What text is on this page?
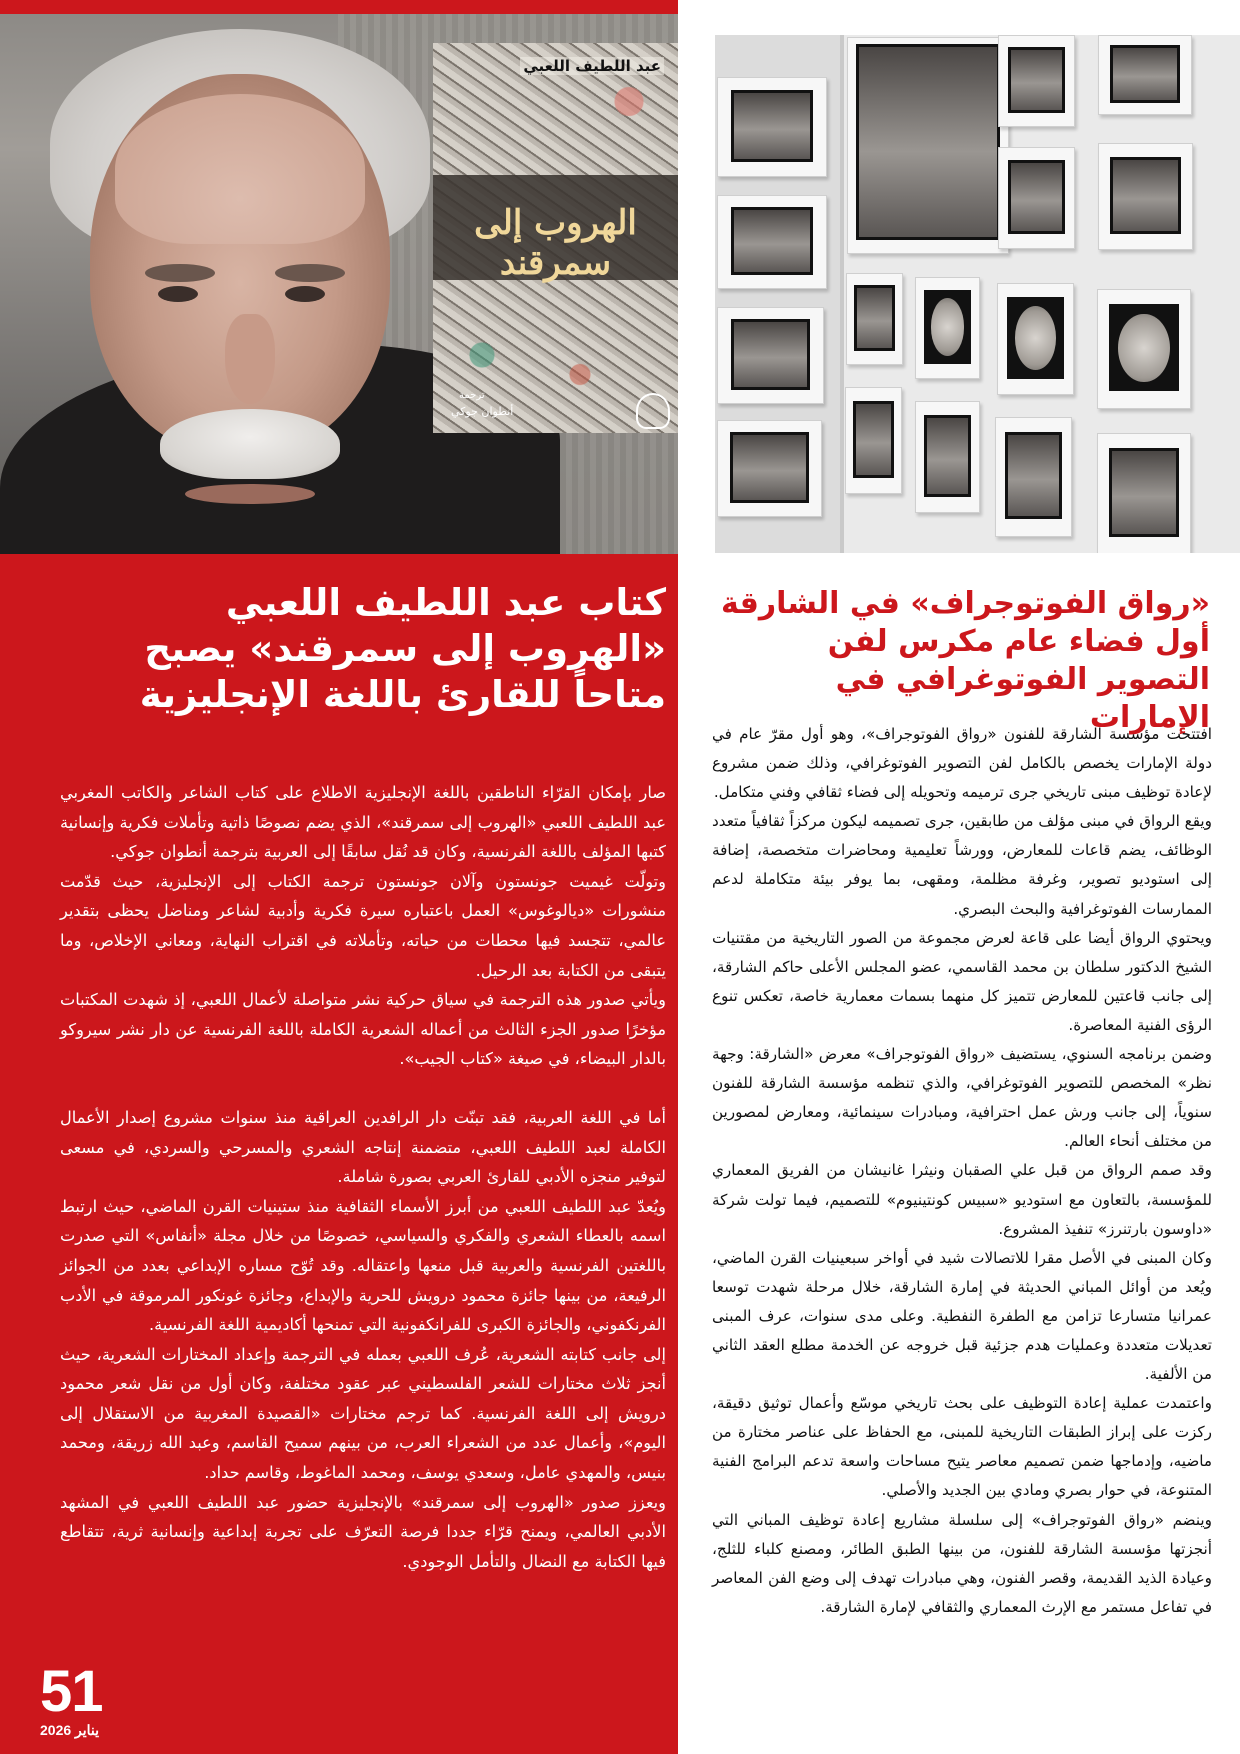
عبد اللطيف اللعبي
الهروب إلى سمرقند
ترجمة
أنطوان جوكي
كتاب عبد اللطيف اللعبي
«الهروب إلى سمرقند» يصبح
متاحاً للقارئ باللغة الإنجليزية

صار بإمكان القرّاء الناطقين باللغة الإنجليزية الاطلاع على كتاب الشاعر والكاتب المغربي عبد اللطيف اللعبي «الهروب إلى سمرقند»، الذي يضم نصوصًا ذاتية وتأملات فكرية وإنسانية كتبها المؤلف باللغة الفرنسية، وكان قد نُقل سابقًا إلى العربية بترجمة أنطوان جوكي.

وتولّت غيميت جونستون وآلان جونستون ترجمة الكتاب إلى الإنجليزية، حيث قدّمت منشورات «ديالوغوس» العمل باعتباره سيرة فكرية وأدبية لشاعر ومناضل يحظى بتقدير عالمي، تتجسد فيها محطات من حياته، وتأملاته في اقتراب النهاية، ومعاني الإخلاص، وما يتبقى من الكتابة بعد الرحيل.

ويأتي صدور هذه الترجمة في سياق حركية نشر متواصلة لأعمال اللعبي، إذ شهدت المكتبات مؤخرًا صدور الجزء الثالث من أعماله الشعرية الكاملة باللغة الفرنسية عن دار نشر سيروكو بالدار البيضاء، في صيغة «كتاب الجيب».

أما في اللغة العربية، فقد تبنّت دار الرافدين العراقية منذ سنوات مشروع إصدار الأعمال الكاملة لعبد اللطيف اللعبي، متضمنة إنتاجه الشعري والمسرحي والسردي، في مسعى لتوفير منجزه الأدبي للقارئ العربي بصورة شاملة.

ويُعدّ عبد اللطيف اللعبي من أبرز الأسماء الثقافية منذ ستينيات القرن الماضي، حيث ارتبط اسمه بالعطاء الشعري والفكري والسياسي، خصوصًا من خلال مجلة «أنفاس» التي صدرت باللغتين الفرنسية والعربية قبل منعها واعتقاله. وقد تُوّج مساره الإبداعي بعدد من الجوائز الرفيعة، من بينها جائزة محمود درويش للحرية والإبداع، وجائزة غونكور المرموقة في الأدب الفرنكفوني، والجائزة الكبرى للفرانكفونية التي تمنحها أكاديمية اللغة الفرنسية.

إلى جانب كتابته الشعرية، عُرف اللعبي بعمله في الترجمة وإعداد المختارات الشعرية، حيث أنجز ثلاث مختارات للشعر الفلسطيني عبر عقود مختلفة، وكان أول من نقل شعر محمود درويش إلى اللغة الفرنسية. كما ترجم مختارات «القصيدة المغربية من الاستقلال إلى اليوم»، وأعمال عدد من الشعراء العرب، من بينهم سميح القاسم، وعبد الله زريقة، ومحمد بنيس، والمهدي عامل، وسعدي يوسف، ومحمد الماغوط، وقاسم حداد.

ويعزز صدور «الهروب إلى سمرقند» بالإنجليزية حضور عبد اللطيف اللعبي في المشهد الأدبي العالمي، ويمنح قرّاء جددا فرصة التعرّف على تجربة إبداعية وإنسانية ثرية، تتقاطع فيها الكتابة مع النضال والتأمل الوجودي.

51
يناير 2026
«رواق الفوتوجراف» في الشارقة
أول فضاء عام مكرس لفن
التصوير الفوتوغرافي في الإمارات

افتتحت مؤسسة الشارقة للفنون «رواق الفوتوجراف»، وهو أول مقرّ عام في دولة الإمارات يخصص بالكامل لفن التصوير الفوتوغرافي، وذلك ضمن مشروع لإعادة توظيف مبنى تاريخي جرى ترميمه وتحويله إلى فضاء ثقافي وفني متكامل.

ويقع الرواق في مبنى مؤلف من طابقين، جرى تصميمه ليكون مركزاً ثقافياً متعدد الوظائف، يضم قاعات للمعارض، وورشاً تعليمية ومحاضرات متخصصة، إضافة إلى استوديو تصوير، وغرفة مظلمة، ومقهى، بما يوفر بيئة متكاملة لدعم الممارسات الفوتوغرافية والبحث البصري.

ويحتوي الرواق أيضا على قاعة لعرض مجموعة من الصور التاريخية من مقتنيات الشيخ الدكتور سلطان بن محمد القاسمي، عضو المجلس الأعلى حاكم الشارقة، إلى جانب قاعتين للمعارض تتميز كل منهما بسمات معمارية خاصة، تعكس تنوع الرؤى الفنية المعاصرة.

وضمن برنامجه السنوي، يستضيف «رواق الفوتوجراف» معرض «الشارقة: وجهة نظر» المخصص للتصوير الفوتوغرافي، والذي تنظمه مؤسسة الشارقة للفنون سنوياً، إلى جانب ورش عمل احترافية، ومبادرات سينمائية، ومعارض لمصورين من مختلف أنحاء العالم.

وقد صمم الرواق من قبل علي الصقبان ونيثرا غانيشان من الفريق المعماري للمؤسسة، بالتعاون مع استوديو «سبيس كونتينيوم» للتصميم، فيما تولت شركة «داوسون بارتنرز» تنفيذ المشروع.

وكان المبنى في الأصل مقرا للاتصالات شيد في أواخر سبعينيات القرن الماضي، ويُعد من أوائل المباني الحديثة في إمارة الشارقة، خلال مرحلة شهدت توسعا عمرانيا متسارعا تزامن مع الطفرة النفطية. وعلى مدى سنوات، عرف المبنى تعديلات متعددة وعمليات هدم جزئية قبل خروجه عن الخدمة مطلع العقد الثاني من الألفية.

واعتمدت عملية إعادة التوظيف على بحث تاريخي موسّع وأعمال توثيق دقيقة، ركزت على إبراز الطبقات التاريخية للمبنى، مع الحفاظ على عناصر مختارة من ماضيه، وإدماجها ضمن تصميم معاصر يتيح مساحات واسعة تدعم البرامج الفنية المتنوعة، في حوار بصري ومادي بين الجديد والأصلي.

وينضم «رواق الفوتوجراف» إلى سلسلة مشاريع إعادة توظيف المباني التي أنجزتها مؤسسة الشارقة للفنون، من بينها الطبق الطائر، ومصنع كلباء للثلج، وعيادة الذيد القديمة، وقصر الفنون، وهي مبادرات تهدف إلى وضع الفن المعاصر في تفاعل مستمر مع الإرث المعماري والثقافي لإمارة الشارقة.
